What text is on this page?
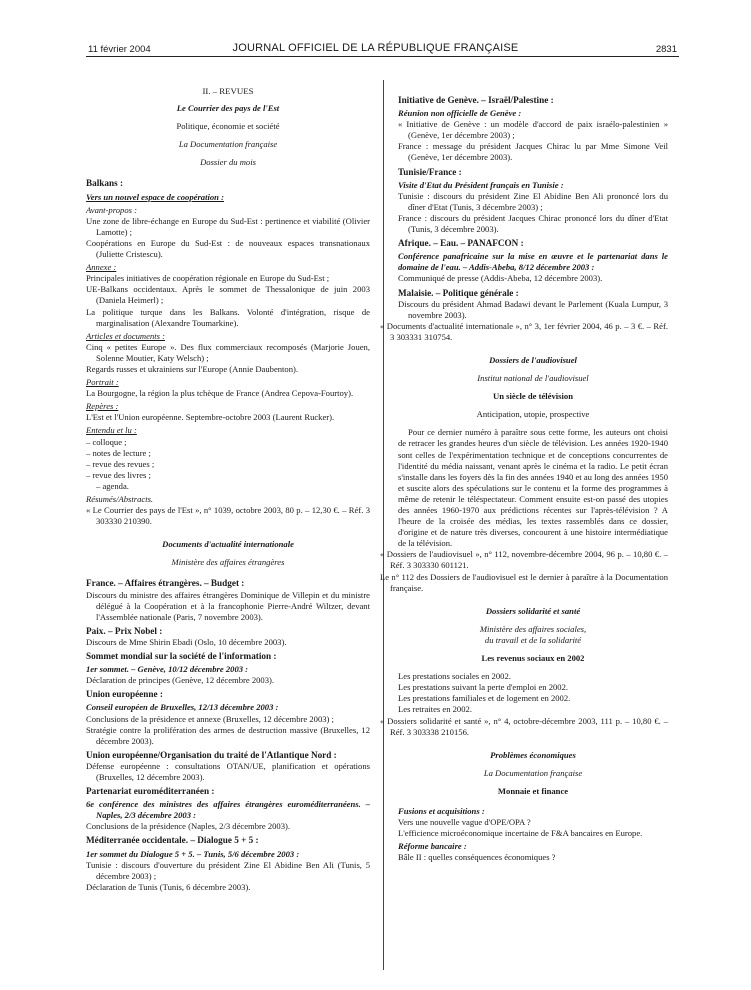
11 février 2004	JOURNAL OFFICIEL DE LA RÉPUBLIQUE FRANÇAISE	2831
II. – REVUES
Le Courrier des pays de l'Est
Politique, économie et société
La Documentation française
Dossier du mois
Balkans :
Vers un nouvel espace de coopération :
Avant-propos :
Une zone de libre-échange en Europe du Sud-Est : pertinence et viabilité (Olivier Lamotte) ;
Coopérations en Europe du Sud-Est : de nouveaux espaces transnationaux (Juliette Cristescu).
Annexe :
Principales initiatives de coopération régionale en Europe du Sud-Est ;
UE-Balkans occidentaux. Après le sommet de Thessalonique de juin 2003 (Daniela Heimerl) ;
La politique turque dans les Balkans. Volonté d'intégration, risque de marginalisation (Alexandre Toumarkine).
Articles et documents :
Cinq « petites Europe ». Des flux commerciaux recomposés (Marjorie Jouen, Solenne Moutier, Katy Welsch) ;
Regards russes et ukrainiens sur l'Europe (Annie Daubenton).
Portrait :
La Bourgogne, la région la plus tchèque de France (Andrea Cepova-Fourtoy).
Repères :
L'Est et l'Union européenne. Septembre-octobre 2003 (Laurent Rucker).
Entendu et lu :
– colloque ;
– notes de lecture ;
– revue des revues ;
– revue des livres ;
– agenda.
Résumés/Abstracts.
« Le Courrier des pays de l'Est », n° 1039, octobre 2003, 80 p. – 12,30 €. – Réf. 3 303330 210390.
Documents d'actualité internationale
Ministère des affaires étrangères
France. – Affaires étrangères. – Budget :
Discours du ministre des affaires étrangères Dominique de Villepin et du ministre délégué à la Coopération et à la francophonie Pierre-André Wiltzer, devant l'Assemblée nationale (Paris, 7 novembre 2003).
Paix. – Prix Nobel :
Discours de Mme Shirin Ebadi (Oslo, 10 décembre 2003).
Sommet mondial sur la société de l'information :
1er sommet. – Genève, 10/12 décembre 2003 :
Déclaration de principes (Genève, 12 décembre 2003).
Union européenne :
Conseil européen de Bruxelles, 12/13 décembre 2003 :
Conclusions de la présidence et annexe (Bruxelles, 12 décembre 2003) ;
Stratégie contre la prolifération des armes de destruction massive (Bruxelles, 12 décembre 2003).
Union européenne/Organisation du traité de l'Atlantique Nord :
Défense européenne : consultations OTAN/UE, planification et opérations (Bruxelles, 12 décembre 2003).
Partenariat euroméditerranéen :
6e conférence des ministres des affaires étrangères euroméditerranéens. – Naples, 2/3 décembre 2003 :
Conclusions de la présidence (Naples, 2/3 décembre 2003).
Méditerranée occidentale. – Dialogue 5 + 5 :
1er sommet du Dialogue 5 + 5. – Tunis, 5/6 décembre 2003 :
Tunisie : discours d'ouverture du président Zine El Abidine Ben Ali (Tunis, 5 décembre 2003) ;
Déclaration de Tunis (Tunis, 6 décembre 2003).
Initiative de Genève. – Israël/Palestine :
Réunion non officielle de Genève :
« Initiative de Genève : un modèle d'accord de paix israélo-palestinien » (Genève, 1er décembre 2003) ;
France : message du président Jacques Chirac lu par Mme Simone Veil (Genève, 1er décembre 2003).
Tunisie/France :
Visite d'Etat du Président français en Tunisie :
Tunisie : discours du président Zine El Abidine Ben Ali prononcé lors du dîner d'Etat (Tunis, 3 décembre 2003) ;
France : discours du président Jacques Chirac prononcé lors du dîner d'Etat (Tunis, 3 décembre 2003).
Afrique. – Eau. – PANAFCON :
Conférence panafricaine sur la mise en œuvre et le partenariat dans le domaine de l'eau. – Addis-Abeba, 8/12 décembre 2003 :
Communiqué de presse (Addis-Abeba, 12 décembre 2003).
Malaisie. – Politique générale :
Discours du président Ahmad Badawi devant le Parlement (Kuala Lumpur, 3 novembre 2003).
« Documents d'actualité internationale », n° 3, 1er février 2004, 46 p. – 3 €. – Réf. 3 303331 310754.
Dossiers de l'audiovisuel
Institut national de l'audiovisuel
Un siècle de télévision
Anticipation, utopie, prospective
Pour ce dernier numéro à paraître sous cette forme, les auteurs ont choisi de retracer les grandes heures d'un siècle de télévision. Les années 1920-1940 sont celles de l'expérimentation technique et de conceptions concurrentes de l'identité du média naissant, venant après le cinéma et la radio. Le petit écran s'installe dans les foyers dès la fin des années 1940 et au long des années 1950 et suscite alors des spéculations sur le contenu et la forme des programmes à même de retenir le téléspectateur. Comment ensuite est-on passé des utopies des années 1960-1970 aux prédictions récentes sur l'après-télévision ? A l'heure de la croisée des médias, les textes rassemblés dans ce dossier, d'origine et de nature très diverses, concourent à une histoire intermédiatique de la télévision.
« Dossiers de l'audiovisuel », n° 112, novembre-décembre 2004, 96 p. – 10,80 €. – Réf. 3 303330 601121.
Le n° 112 des Dossiers de l'audiovisuel est le dernier à paraître à la Documentation française.
Dossiers solidarité et santé
Ministère des affaires sociales,
du travail et de la solidarité
Les revenus sociaux en 2002
Les prestations sociales en 2002.
Les prestations suivant la perte d'emploi en 2002.
Les prestations familiales et de logement en 2002.
Les retraites en 2002.
« Dossiers solidarité et santé », n° 4, octobre-décembre 2003, 111 p. – 10,80 €. – Réf. 3 303338 210156.
Problèmes économiques
La Documentation française
Monnaie et finance
Fusions et acquisitions :
Vers une nouvelle vague d'OPE/OPA ?
L'efficience microéconomique incertaine de F&A bancaires en Europe.
Réforme bancaire :
Bâle II : quelles conséquences économiques ?
